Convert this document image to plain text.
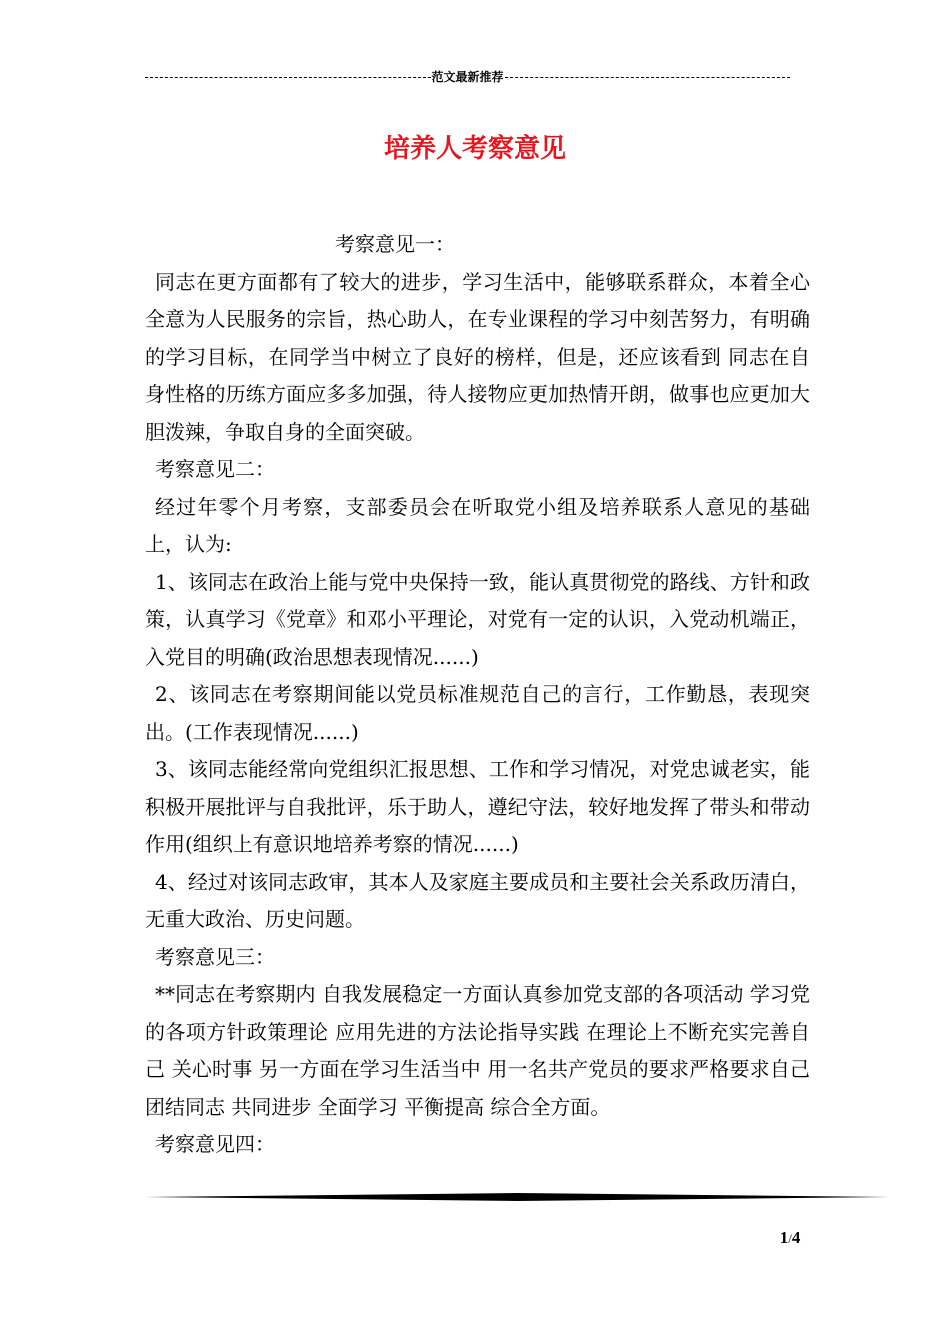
范文最新推荐
培养人考察意见

考察意见一：

同志在更方面都有了较大的进步，学习生活中，能够联系群众，本着全心全意为人民服务的宗旨，热心助人，在专业课程的学习中刻苦努力，有明确的学习目标，在同学当中树立了良好的榜样，但是，还应该看到 同志在自身性格的历练方面应多多加强，待人接物应更加热情开朗，做事也应更加大胆泼辣，争取自身的全面突破。

考察意见二：

经过年零个月考察，支部委员会在听取党小组及培养联系人意见的基础上，认为:

1、该同志在政治上能与党中央保持一致，能认真贯彻党的路线、方针和政策，认真学习《党章》和邓小平理论，对党有一定的认识，入党动机端正，入党目的明确(政治思想表现情况......)

2、该同志在考察期间能以党员标准规范自己的言行，工作勤恳，表现突出。(工作表现情况......)

3、该同志能经常向党组织汇报思想、工作和学习情况，对党忠诚老实，能积极开展批评与自我批评，乐于助人，遵纪守法，较好地发挥了带头和带动作用(组织上有意识地培养考察的情况......)

4、经过对该同志政审，其本人及家庭主要成员和主要社会关系政历清白，无重大政治、历史问题。

考察意见三：

**同志在考察期内 自我发展稳定一方面认真参加党支部的各项活动 学习党的各项方针政策理论 应用先进的方法论指导实践 在理论上不断充实完善自己 关心时事 另一方面在学习生活当中 用一名共产党员的要求严格要求自己 团结同志 共同进步 全面学习 平衡提高 综合全方面。

考察意见四：

1/4
